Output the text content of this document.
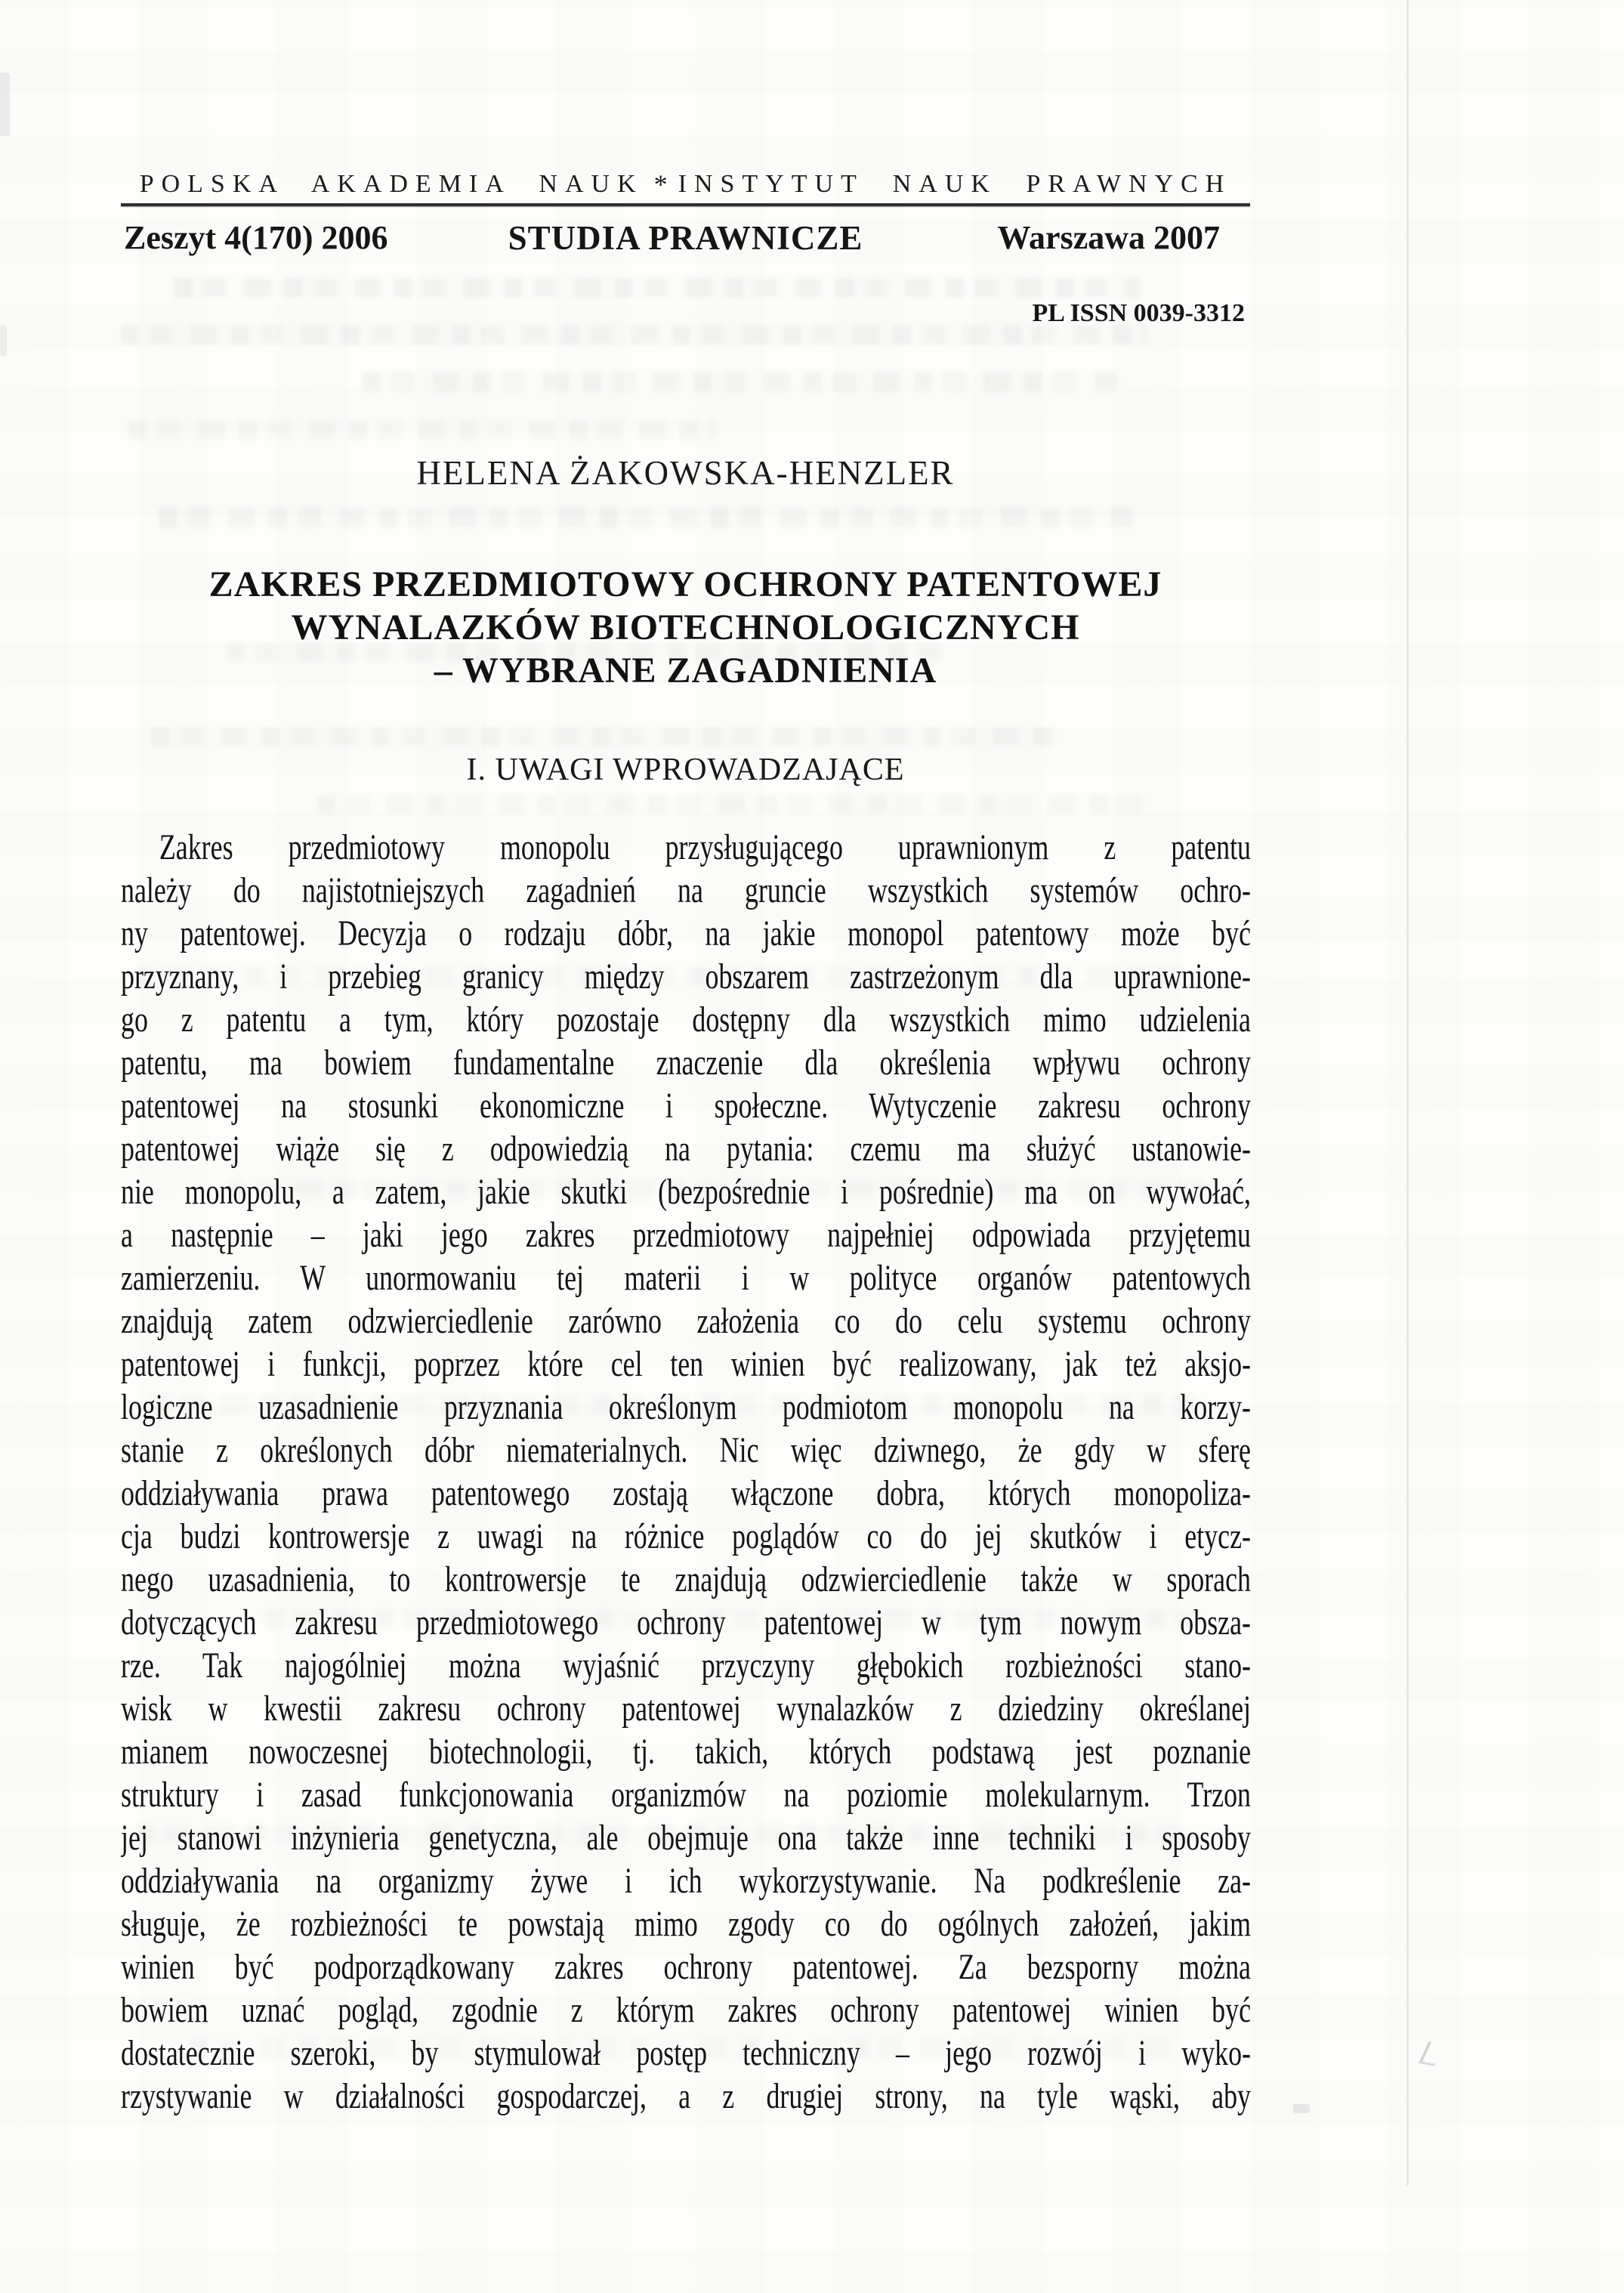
POLSKA AKADEMIA NAUK * INSTYTUT NAUK PRAWNYCH
Zeszyt 4(170) 2006	STUDIA PRAWNICZE	Warszawa 2007
PL ISSN 0039-3312
HELENA ŻAKOWSKA-HENZLER
ZAKRES PRZEDMIOTOWY OCHRONY PATENTOWEJ
WYNALAZKÓW BIOTECHNOLOGICZNYCH
– WYBRANE ZAGADNIENIA
I. UWAGI WPROWADZAJĄCE
Zakres przedmiotowy monopolu przysługującego uprawnionym z patentu
należy do najistotniejszych zagadnień na gruncie wszystkich systemów ochro-
ny patentowej. Decyzja o rodzaju dóbr, na jakie monopol patentowy może być
przyznany, i przebieg granicy między obszarem zastrzeżonym dla uprawnione-
go z patentu a tym, który pozostaje dostępny dla wszystkich mimo udzielenia
patentu, ma bowiem fundamentalne znaczenie dla określenia wpływu ochrony
patentowej na stosunki ekonomiczne i społeczne. Wytyczenie zakresu ochrony
patentowej wiąże się z odpowiedzią na pytania: czemu ma służyć ustanowie-
nie monopolu, a zatem, jakie skutki (bezpośrednie i pośrednie) ma on wywołać,
a następnie – jaki jego zakres przedmiotowy najpełniej odpowiada przyjętemu
zamierzeniu. W unormowaniu tej materii i w polityce organów patentowych
znajdują zatem odzwierciedlenie zarówno założenia co do celu systemu ochrony
patentowej i funkcji, poprzez które cel ten winien być realizowany, jak też aksjo-
logiczne uzasadnienie przyznania określonym podmiotom monopolu na korzy-
stanie z określonych dóbr niematerialnych. Nic więc dziwnego, że gdy w sferę
oddziaływania prawa patentowego zostają włączone dobra, których monopoliza-
cja budzi kontrowersje z uwagi na różnice poglądów co do jej skutków i etycz-
nego uzasadnienia, to kontrowersje te znajdują odzwierciedlenie także w sporach
dotyczących zakresu przedmiotowego ochrony patentowej w tym nowym obsza-
rze. Tak najogólniej można wyjaśnić przyczyny głębokich rozbieżności stano-
wisk w kwestii zakresu ochrony patentowej wynalazków z dziedziny określanej
mianem nowoczesnej biotechnologii, tj. takich, których podstawą jest poznanie
struktury i zasad funkcjonowania organizmów na poziomie molekularnym. Trzon
jej stanowi inżynieria genetyczna, ale obejmuje ona także inne techniki i sposoby
oddziaływania na organizmy żywe i ich wykorzystywanie. Na podkreślenie za-
sługuje, że rozbieżności te powstają mimo zgody co do ogólnych założeń, jakim
winien być podporządkowany zakres ochrony patentowej. Za bezsporny można
bowiem uznać pogląd, zgodnie z którym zakres ochrony patentowej winien być
dostatecznie szeroki, by stymulował postęp techniczny – jego rozwój i wyko-
rzystywanie w działalności gospodarczej, a z drugiej strony, na tyle wąski, aby
